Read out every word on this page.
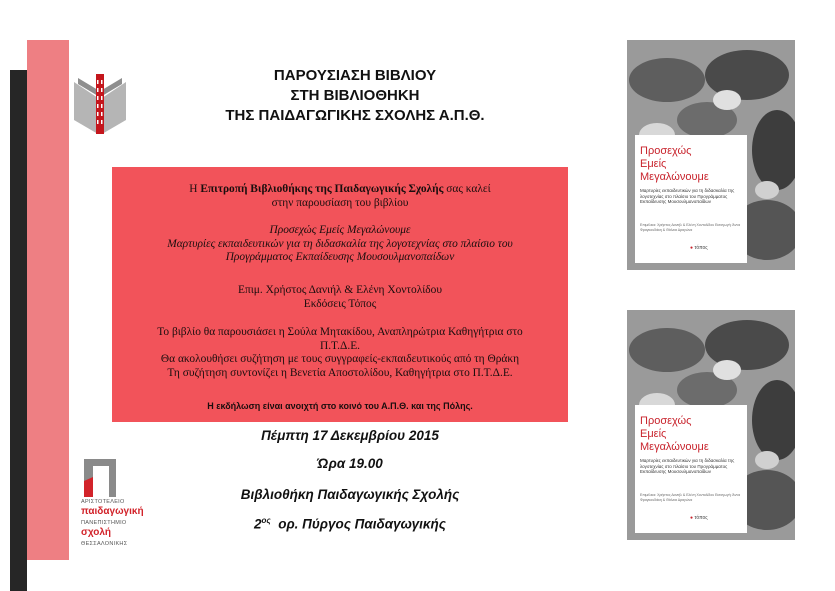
ΠΑΡΟΥΣΙΑΣΗ ΒΙΒΛΙΟΥ
ΣΤΗ ΒΙΒΛΙΟΘΗΚΗ
ΤΗΣ ΠΑΙΔΑΓΩΓΙΚΗΣ ΣΧΟΛΗΣ Α.Π.Θ.
Η Επιτροπή Βιβλιοθήκης της Παιδαγωγικής Σχολής σας καλεί
στην παρουσίαση του βιβλίου
Προσεχώς Εμείς Μεγαλώνουμε
Μαρτυρίες εκπαιδευτικών για τη διδασκαλία της λογοτεχνίας στο πλαίσιο του
Προγράμματος Εκπαίδευσης Μουσουλμανοπαίδων
Επιμ. Χρήστος Δανιήλ & Ελένη Χοντολίδου
Εκδόσεις Τόπος
Το βιβλίο θα παρουσιάσει η Σούλα Μητακίδου, Αναπληρώτρια Καθηγήτρια στο
Π.Τ.Δ.Ε.
Θα ακολουθήσει συζήτηση με τους συγγραφείς-εκπαιδευτικούς από τη Θράκη
Τη συζήτηση συντονίζει η Βενετία Αποστολίδου, Καθηγήτρια στο Π.Τ.Δ.Ε.
Η εκδήλωση είναι ανοιχτή στο κοινό του Α.Π.Θ. και της Πόλης.
Πέμπτη 17 Δεκεμβρίου 2015
Ώρα 19.00
Βιβλιοθήκη Παιδαγωγικής Σχολής
$2^{o\varsigma}$  ορ. Πύργος Παιδαγωγικής
ΑΡΙΣΤΟΤΕΛΕΙΟ
παιδαγωγική
ΠΑΝΕΠΙΣΤΗΜΙΟ
σχολή
ΘΕΣΣΑΛΟΝΙΚΗΣ
Προσεχώς
Εμείς
Μεγαλώνουμε
Μαρτυρίες εκπαιδευτικών για τη διδασκαλία της λογοτεχνίας στο πλαίσιο του Προγράμματος Εκπαίδευσης Μουσουλμανοπαίδων
Επιμέλεια: Χρήστος Δανιήλ & Ελένη Χοντολίδου Εισαγωγή: Άννα Φραγκουδάκη & Θάλεια Δραγώνα
● τόπος
Προσεχώς
Εμείς
Μεγαλώνουμε
Μαρτυρίες εκπαιδευτικών για τη διδασκαλία της λογοτεχνίας στο πλαίσιο του Προγράμματος Εκπαίδευσης Μουσουλμανοπαίδων
Επιμέλεια: Χρήστος Δανιήλ & Ελένη Χοντολίδου Εισαγωγή: Άννα Φραγκουδάκη & Θάλεια Δραγώνα
● τόπος
